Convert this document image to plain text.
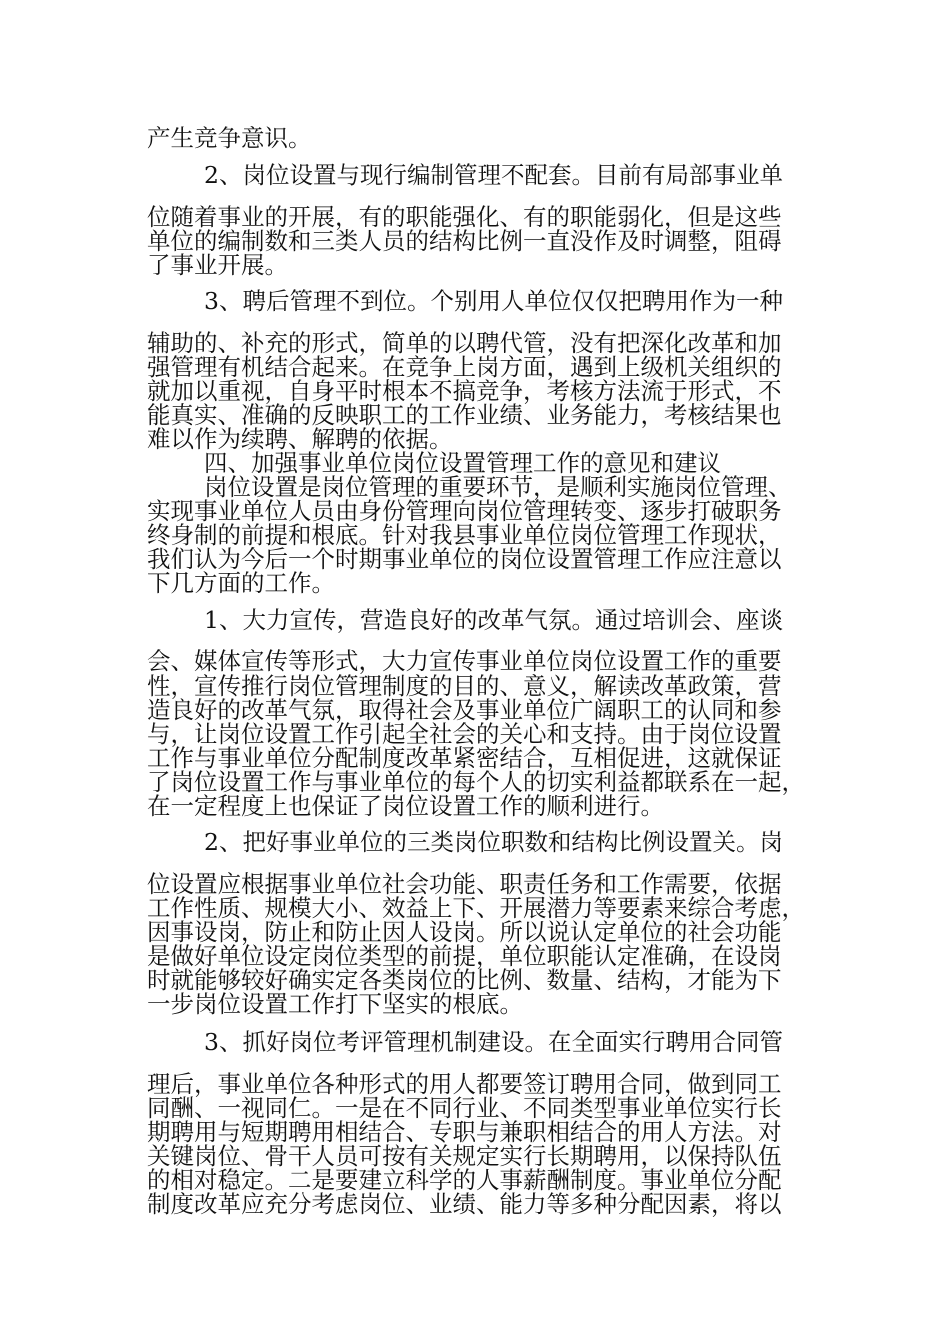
产生竞争意识。

2、岗位设置与现行编制管理不配套。目前有局部事业单

位随着事业的开展，有的职能强化、有的职能弱化，但是这些

单位的编制数和三类人员的结构比例一直没作及时调整，阻碍

了事业开展。

3、聘后管理不到位。个别用人单位仅仅把聘用作为一种

辅助的、补充的形式，简单的以聘代管，没有把深化改革和加

强管理有机结合起来。在竞争上岗方面，遇到上级机关组织的

就加以重视，自身平时根本不搞竞争，考核方法流于形式，不

能真实、准确的反映职工的工作业绩、业务能力，考核结果也

难以作为续聘、解聘的依据。

四、加强事业单位岗位设置管理工作的意见和建议

岗位设置是岗位管理的重要环节，是顺利实施岗位管理、

实现事业单位人员由身份管理向岗位管理转变、逐步打破职务

终身制的前提和根底。针对我县事业单位岗位管理工作现状，

我们认为今后一个时期事业单位的岗位设置管理工作应注意以

下几方面的工作。

1、大力宣传，营造良好的改革气氛。通过培训会、座谈

会、媒体宣传等形式，大力宣传事业单位岗位设置工作的重要

性，宣传推行岗位管理制度的目的、意义，解读改革政策，营

造良好的改革气氛，取得社会及事业单位广阔职工的认同和参

与，让岗位设置工作引起全社会的关心和支持。由于岗位设置

工作与事业单位分配制度改革紧密结合，互相促进，这就保证

了岗位设置工作与事业单位的每个人的切实利益都联系在一起，

在一定程度上也保证了岗位设置工作的顺利进行。

2、把好事业单位的三类岗位职数和结构比例设置关。岗

位设置应根据事业单位社会功能、职责任务和工作需要，依据

工作性质、规模大小、效益上下、开展潜力等要素来综合考虑，

因事设岗，防止和防止因人设岗。所以说认定单位的社会功能

是做好单位设定岗位类型的前提，单位职能认定准确，在设岗

时就能够较好确实定各类岗位的比例、数量、结构，才能为下

一步岗位设置工作打下坚实的根底。

3、抓好岗位考评管理机制建设。在全面实行聘用合同管

理后，事业单位各种形式的用人都要签订聘用合同，做到同工

同酬、一视同仁。一是在不同行业、不同类型事业单位实行长

期聘用与短期聘用相结合、专职与兼职相结合的用人方法。对

关键岗位、骨干人员可按有关规定实行长期聘用，以保持队伍

的相对稳定。二是要建立科学的人事薪酬制度。事业单位分配

制度改革应充分考虑岗位、业绩、能力等多种分配因素，将以
